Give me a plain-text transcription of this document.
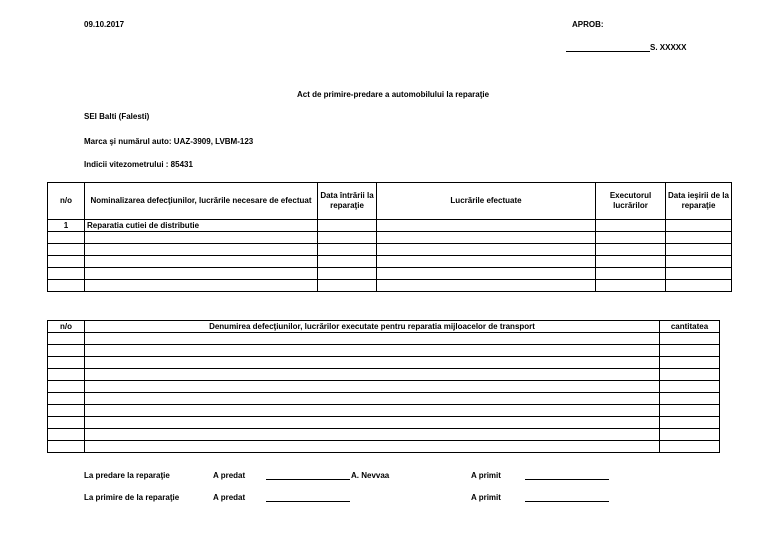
09.10.2017	APROB:
S. XXXXX
Act de primire-predare a automobilului la reparaţie
SEI Balti (Falesti)
Marca şi numărul auto: UAZ-3909, LVBM-123
Indicii vitezometrului : 85431
n/o	Nominalizarea defecţiunilor, lucrările necesare de efectuat	Data întrării la reparaţie	Lucrările efectuate	Executorul lucrărilor	Data ieşirii de la reparaţie
1	Reparatia cutiei de distributie				

n/o	Denumirea defecţiunilor, lucrărilor executate pentru reparatia mijloacelor de transport	cantitatea

La predare la reparaţie	A predat	A. Nevvaa	A primit
La primire de la reparaţie	A predat	A primit
